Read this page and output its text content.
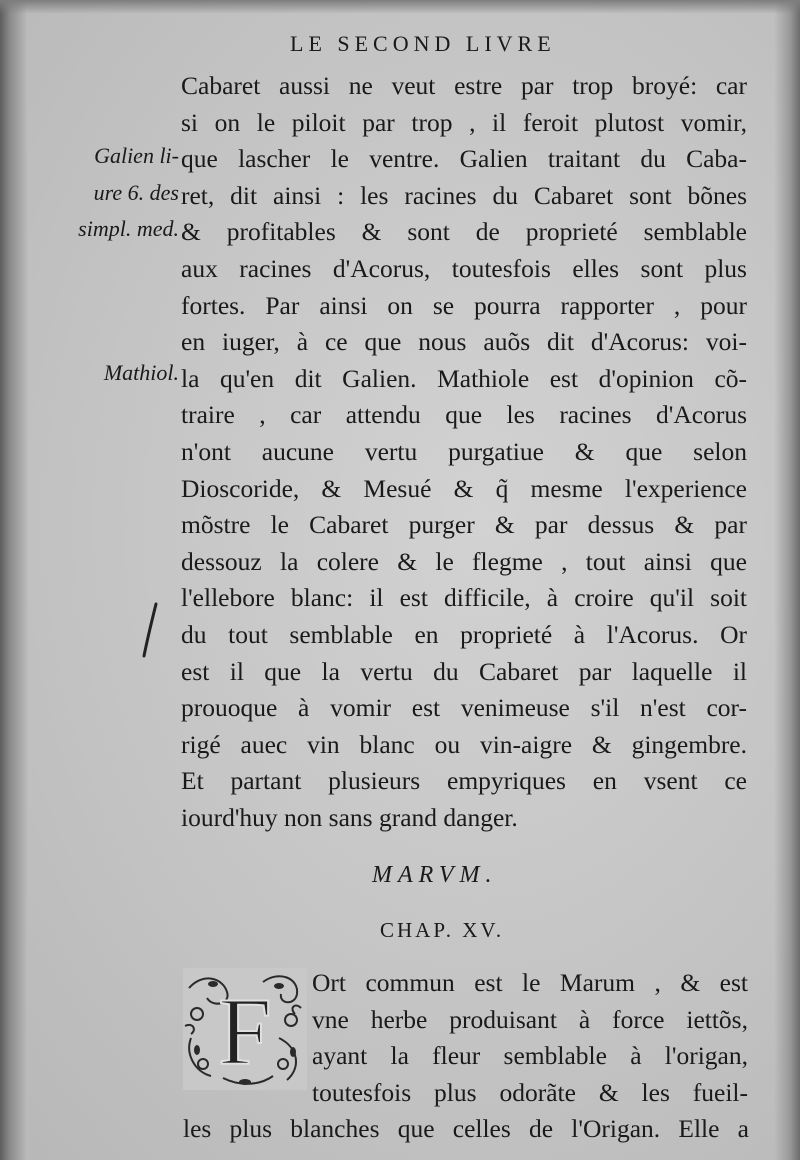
LE SECOND LIVRE
Galien li-
ure 6. des
simpl. med.
Mathiol.
Cabaret aussi ne veut estre par trop broyé: car
si on le piloit par trop , il feroit plutost vomir,
que lascher le ventre. Galien traitant du Caba-
ret, dit ainsi : les racines du Cabaret sont bõnes
& profitables & sont de proprieté semblable
aux racines d'Acorus, toutesfois elles sont plus
fortes. Par ainsi on se pourra rapporter , pour
en iuger, à ce que nous auõs dit d'Acorus: voi-
la qu'en dit Galien. Mathiole est d'opinion cõ-
traire , car attendu que les racines d'Acorus
n'ont aucune vertu purgatiue & que selon
Dioscoride, & Mesué & q̃ mesme l'experience
mõstre le Cabaret purger & par dessus & par
dessouz la colere & le flegme , tout ainsi que
l'ellebore blanc: il est difficile, à croire qu'il soit
du tout semblable en proprieté à l'Acorus. Or
est il que la vertu du Cabaret par laquelle il
prouoque à vomir est venimeuse s'il n'est cor-
rigé auec vin blanc ou vin-aigre & gingembre.
Et partant plusieurs empyriques en vsent ce
iourd'huy non sans grand danger.
MARVM.
CHAP. XV.
F Ort commun est le Marum , & est
vne herbe produisant à force iettõs,
ayant la fleur semblable à l'origan,
toutesfois plus odorãte & les fueil-
les plus blanches que celles de l'Origan. Elle a
